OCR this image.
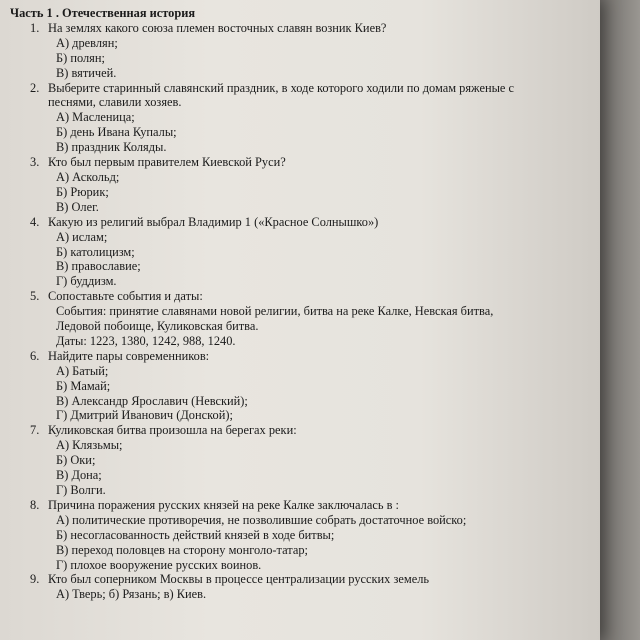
Часть 1 . Отечественная история
1. На землях какого союза племен восточных славян возник Киев?
А) древлян;
Б) полян;
В) вятичей.
2. Выберите старинный славянский праздник, в ходе которого ходили по домам ряженые с
песнями, славили хозяев.
А) Масленица;
Б) день Ивана Купалы;
В) праздник Коляды.
3. Кто был первым правителем Киевской Руси?
А) Аскольд;
Б) Рюрик;
В) Олег.
4. Какую из религий выбрал Владимир 1 («Красное Солнышко»)
А) ислам;
Б) католицизм;
В) православие;
Г) буддизм.
5. Сопоставьте события и даты:
События: принятие славянами новой религии, битва на реке Калке, Невская битва,
Ледовой побоище, Куликовская битва.
Даты: 1223, 1380, 1242, 988, 1240.
6. Найдите пары современников:
А) Батый;
Б) Мамай;
В) Александр Ярославич (Невский);
Г) Дмитрий Иванович (Донской);
7. Куликовская битва произошла на берегах реки:
А) Клязьмы;
Б) Оки;
В) Дона;
Г) Волги.
8. Причина поражения русских князей на реке Калке заключалась в :
А) политические противоречия, не позволившие собрать достаточное войско;
Б) несогласованность действий князей в ходе битвы;
В) переход половцев на сторону монголо-татар;
Г) плохое вооружение русских воинов.
9. Кто был соперником Москвы в процессе централизации русских земель
А) Тверь; б) Рязань; в) Киев.
